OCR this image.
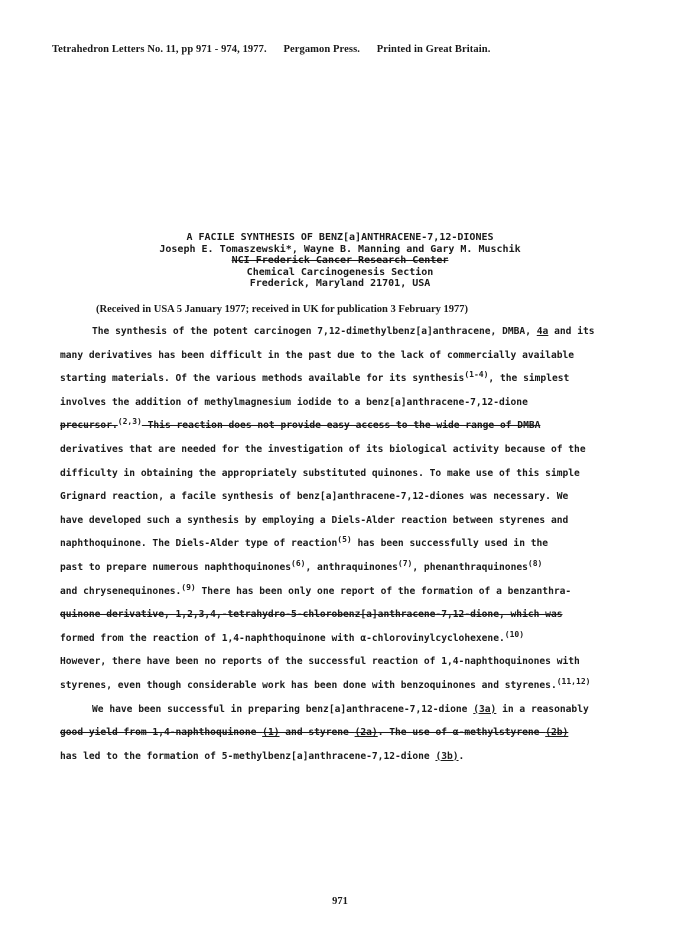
Tetrahedron Letters No. 11, pp 971 - 974, 1977. Pergamon Press. Printed in Great Britain.
A FACILE SYNTHESIS OF BENZ[a]ANTHRACENE-7,12-DIONES
Joseph E. Tomaszewski*, Wayne B. Manning and Gary M. Muschik
NCI Frederick Cancer Research Center
Chemical Carcinogenesis Section
Frederick, Maryland 21701, USA
(Received in USA 5 January 1977; received in UK for publication 3 February 1977)
The synthesis of the potent carcinogen 7,12-dimethylbenz[a]anthracene, DMBA, 4a and its
many derivatives has been difficult in the past due to the lack of commercially available
starting materials. Of the various methods available for its synthesis$^{(1-4)}$, the simplest
involves the addition of methylmagnesium iodide to a benz[a]anthracene-7,12-dione
precursor.$^{(2,3)}$ This reaction does not provide easy access to the wide range of DMBA
derivatives that are needed for the investigation of its biological activity because of the
difficulty in obtaining the appropriately substituted quinones. To make use of this simple
Grignard reaction, a facile synthesis of benz[a]anthracene-7,12-diones was necessary. We
have developed such a synthesis by employing a Diels-Alder reaction between styrenes and
naphthoquinone. The Diels-Alder type of reaction$^{(5)}$ has been successfully used in the
past to prepare numerous naphthoquinones$^{(6)}$, anthraquinones$^{(7)}$, phenanthraquinones$^{(8)}$
and chrysenequinones.$^{(9)}$ There has been only one report of the formation of a benzanthra-
quinone derivative, 1,2,3,4,-tetrahydro-5-chlorobenz[a]anthracene-7,12-dione, which was
formed from the reaction of 1,4-naphthoquinone with α-chlorovinylcyclohexene.$^{(10)}$
However, there have been no reports of the successful reaction of 1,4-naphthoquinones with
styrenes, even though considerable work has been done with benzoquinones and styrenes.$^{(11,12)}$
We have been successful in preparing benz[a]anthracene-7,12-dione (3a) in a reasonably
good yield from 1,4-naphthoquinone (1) and styrene (2a). The use of α-methylstyrene (2b)
has led to the formation of 5-methylbenz[a]anthracene-7,12-dione (3b).
971
